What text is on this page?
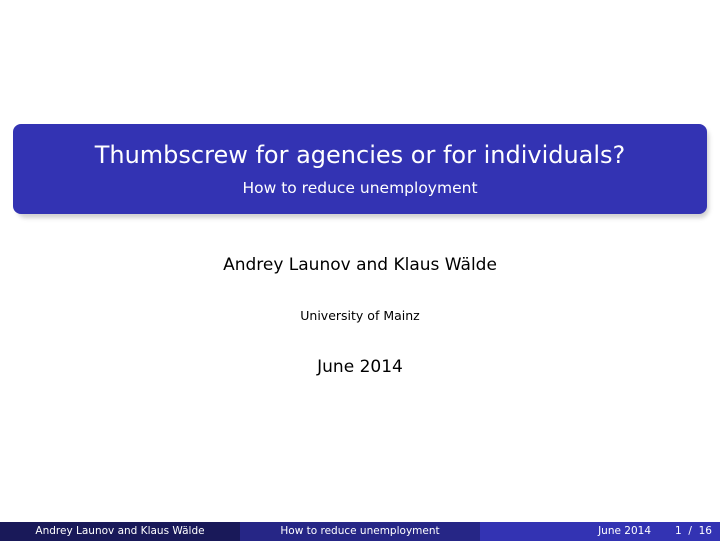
Thumbscrew for agencies or for individuals?
How to reduce unemployment
Andrey Launov and Klaus Wälde
University of Mainz
June 2014
Andrey Launov and Klaus Wälde	How to reduce unemployment	June 2014 1 / 16
